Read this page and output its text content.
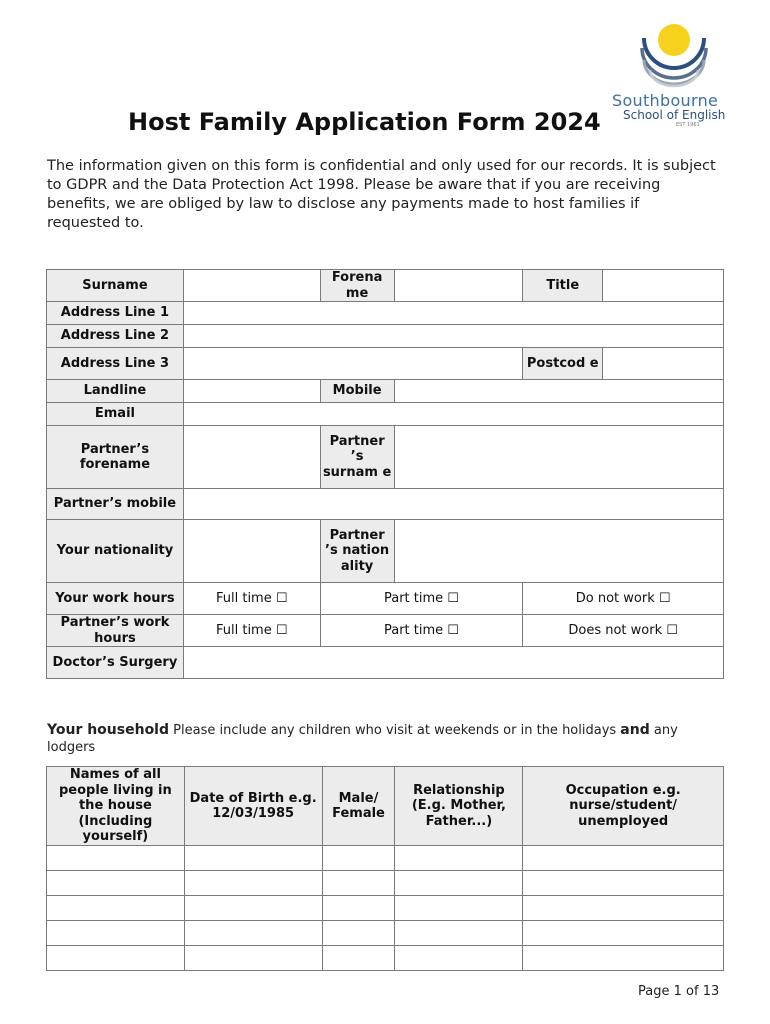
Southbourne
School of English
EST 1961
Host Family Application Form 2024
The information given on this form is confidential and only used for our records. It is subject to GDPR and the Data Protection Act 1998. Please be aware that if you are receiving benefits, we are obliged by law to disclose any payments made to host families if requested to.
Surname		Forena me		Title	
Address Line 1					
Address Line 2					
Address Line 3				Postcod e	
Landline		Mobile			
Email					
Partner’s forename		Partner ’s surnam e			
Partner’s mobile					
Your nationality		Partner ’s nation ality			
Your work hours	Full time ☐	Part time ☐		Do not work ☐	
Partner’s work hours	Full time ☐	Part time ☐		Does not work ☐	
Doctor’s Surgery					
Your household Please include any children who visit at weekends or in the holidays and any lodgers
Names of all people living in the house (Including yourself)	Date of Birth e.g. 12/03/1985	Male/ Female	Relationship (E.g. Mother, Father...)	Occupation e.g. nurse/student/ unemployed

Page 1 of 13
